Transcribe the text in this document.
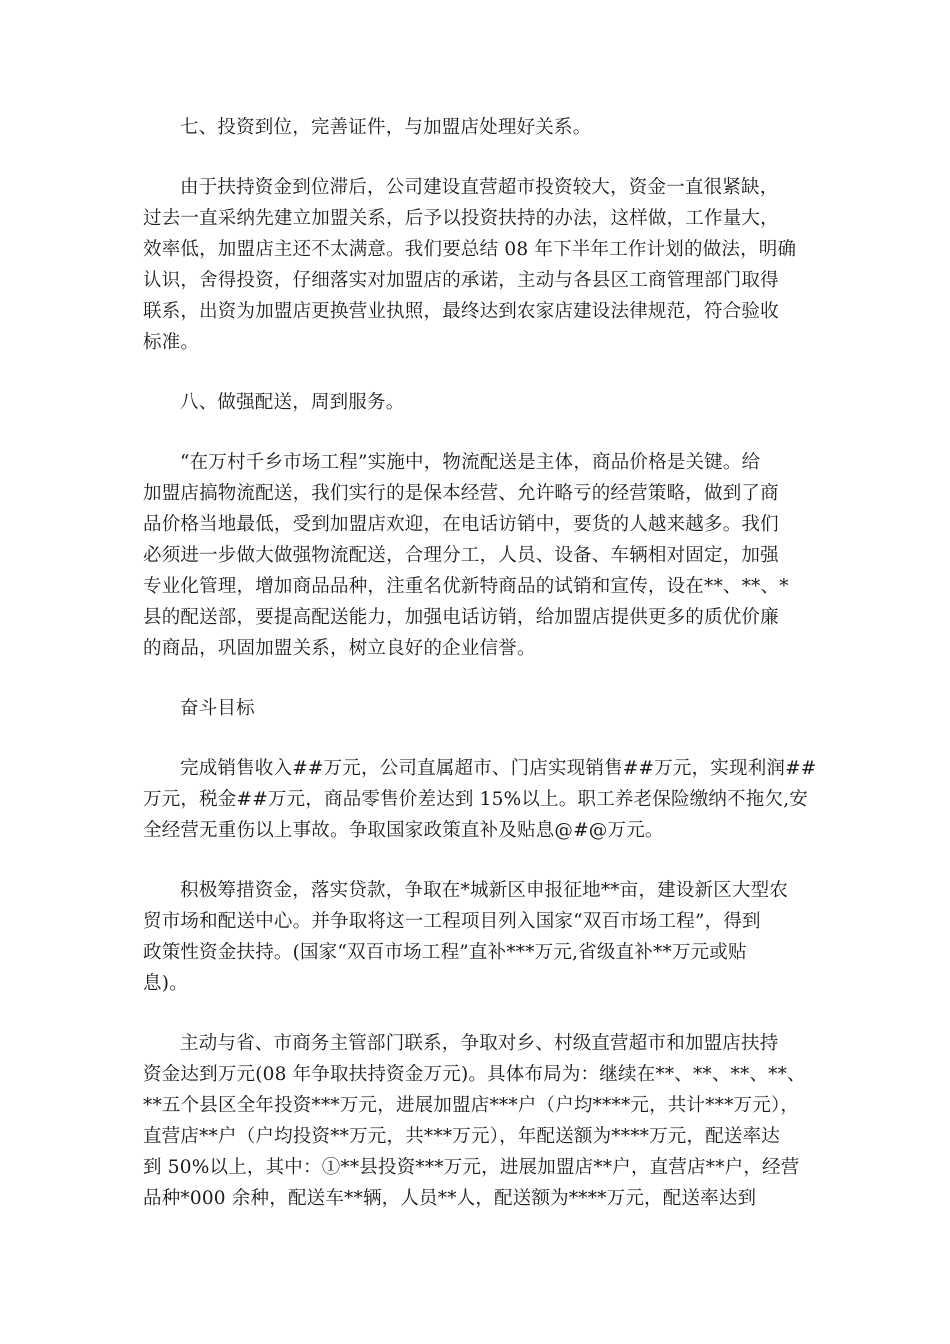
七、投资到位，完善证件，与加盟店处理好关系。

由于扶持资金到位滞后，公司建设直营超市投资较大，资金一直很紧缺，
过去一直采纳先建立加盟关系，后予以投资扶持的办法，这样做，工作量大，
效率低，加盟店主还不太满意。我们要总结 08 年下半年工作计划的做法，明确
认识，舍得投资，仔细落实对加盟店的承诺，主动与各县区工商管理部门取得
联系，出资为加盟店更换营业执照，最终达到农家店建设法律规范，符合验收
标准。

八、做强配送，周到服务。

“在万村千乡市场工程”实施中，物流配送是主体，商品价格是关键。给
加盟店搞物流配送，我们实行的是保本经营、允许略亏的经营策略，做到了商
品价格当地最低，受到加盟店欢迎，在电话访销中，要货的人越来越多。我们
必须进一步做大做强物流配送，合理分工，人员、设备、车辆相对固定，加强
专业化管理，增加商品品种，注重名优新特商品的试销和宣传，设在**、**、*
县的配送部，要提高配送能力，加强电话访销，给加盟店提供更多的质优价廉
的商品，巩固加盟关系，树立良好的企业信誉。

奋斗目标

完成销售收入##万元，公司直属超市、门店实现销售##万元，实现利润##
万元，税金##万元，商品零售价差达到 15%以上。职工养老保险缴纳不拖欠,安
全经营无重伤以上事故。争取国家政策直补及贴息@#@万元。
积极筹措资金，落实贷款，争取在*城新区申报征地**亩，建设新区大型农
贸市场和配送中心。并争取将这一工程项目列入国家“双百市场工程”，得到
政策性资金扶持。(国家“双百市场工程”直补***万元,省级直补**万元或贴
息)。
主动与省、市商务主管部门联系，争取对乡、村级直营超市和加盟店扶持
资金达到万元(08 年争取扶持资金万元)。具体布局为：继续在**、**、**、**、
**五个县区全年投资***万元，进展加盟店***户（户均****元，共计***万元），
直营店**户（户均投资**万元，共***万元），年配送额为****万元，配送率达
到 50%以上，其中：①**县投资***万元，进展加盟店**户，直营店**户，经营
品种*000 余种，配送车**辆，人员**人，配送额为****万元，配送率达到
